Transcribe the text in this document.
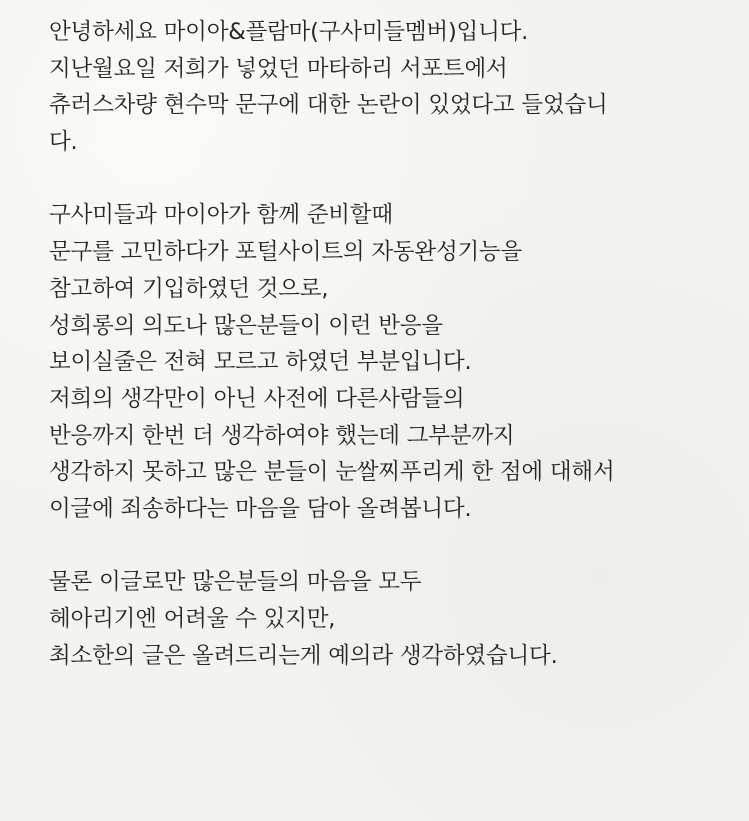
안녕하세요 마이아&플람마(구사미들멤버)입니다.
지난월요일 저희가 넣었던 마타하리 서포트에서
츄러스차량 현수막 문구에 대한 논란이 있었다고 들었습니
다.
구사미들과 마이아가 함께 준비할때
문구를 고민하다가 포털사이트의 자동완성기능을
참고하여 기입하였던 것으로,
성희롱의 의도나 많은분들이 이런 반응을
보이실줄은 전혀 모르고 하였던 부분입니다.
저희의 생각만이 아닌 사전에 다른사람들의
반응까지 한번 더 생각하여야 했는데 그부분까지
생각하지 못하고 많은 분들이 눈쌀찌푸리게 한 점에 대해서
이글에 죄송하다는 마음을 담아 올려봅니다.
물론 이글로만 많은분들의 마음을 모두
헤아리기엔 어려울 수 있지만,
최소한의 글은 올려드리는게 예의라 생각하였습니다.
